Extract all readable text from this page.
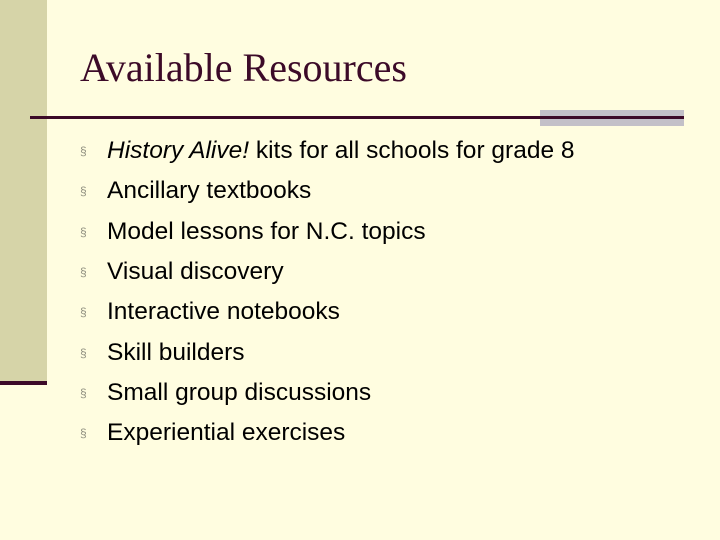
Available Resources
§ History Alive! kits for all schools for grade 8
§ Ancillary textbooks
§ Model lessons for N.C. topics
§ Visual discovery
§ Interactive notebooks
§ Skill builders
§ Small group discussions
§ Experiential exercises
